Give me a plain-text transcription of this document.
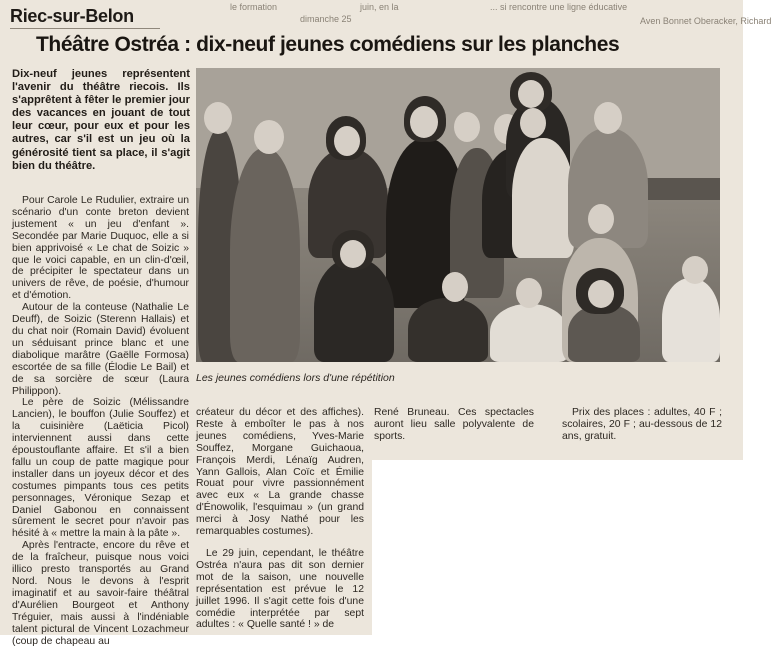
le formation
dimanche 25
juin, en la	... si rencontre une ligne éducative
Aven Bonnet Oberacker, Richard
Riec-sur-Belon
Théâtre Ostréa : dix-neuf jeunes comédiens sur les planches
Dix-neuf jeunes représentent l'avenir du théâtre riecois. Ils s'apprêtent à fêter le premier jour des vacances en jouant de tout leur cœur, pour eux et pour les autres, car s'il est un jeu où la générosité tient sa place, il s'agit bien du théâtre.

Pour Carole Le Rudulier, extraire un scénario d'un conte breton devient justement « un jeu d'enfant ». Secondée par Marie Duquoc, elle a si bien apprivoisé « Le chat de Soizic » que le voici capable, en un clin-d'œil, de précipiter le spectateur dans un univers de rêve, de poésie, d'humour et d'émotion.

Autour de la conteuse (Nathalie Le Deuff), de Soizic (Sterenn Hallais) et du chat noir (Romain David) évoluent un séduisant prince blanc et une diabolique marâtre (Gaëlle Formosa) escortée de sa fille (Élodie Le Bail) et de sa sorcière de sœur (Laura Philippon).

Le père de Soizic (Mélissandre Lancien), le bouffon (Julie Souffez) et la cuisinière (Laëticia Picol) interviennent aussi dans cette époustouflante affaire. Et s'il a bien fallu un coup de patte magique pour installer dans un joyeux décor et des costumes pimpants tous ces petits personnages, Véronique Sezap et Daniel Gabonou en connaissent sûrement le secret pour n'avoir pas hésité à « mettre la main à la pâte ».

Après l'entracte, encore du rêve et de la fraîcheur, puisque nous voici illico presto transportés au Grand Nord. Nous le devons à l'esprit imaginatif et au savoir-faire théâtral d'Aurélien Bourgeot et Anthony Tréguier, mais aussi à l'indéniable talent pictural de Vincent Lozachmeur (coup de chapeau au

Les jeunes comédiens lors d'une répétition

créateur du décor et des affiches). Reste à emboîter le pas à nos jeunes comédiens, Yves-Marie Souffez, Morgane Guichaoua, François Merdi, Lénaïg Audren, Yann Gallois, Alan Coïc et Émilie Rouat pour vivre passionnément avec eux « La grande chasse d'Énowolik, l'esquimau » (un grand merci à Josy Nathé pour les remarquables costumes).

Le 29 juin, cependant, le théâtre Ostréa n'aura pas dit son dernier mot de la saison, une nouvelle représentation est prévue le 12 juillet 1996. Il s'agit cette fois d'une comédie interprétée par sept adultes : « Quelle santé ! » de

René Bruneau. Ces spectacles auront lieu salle polyvalente de sports.

Prix des places : adultes, 40 F ; scolaires, 20 F ; au-dessous de 12 ans, gratuit.
